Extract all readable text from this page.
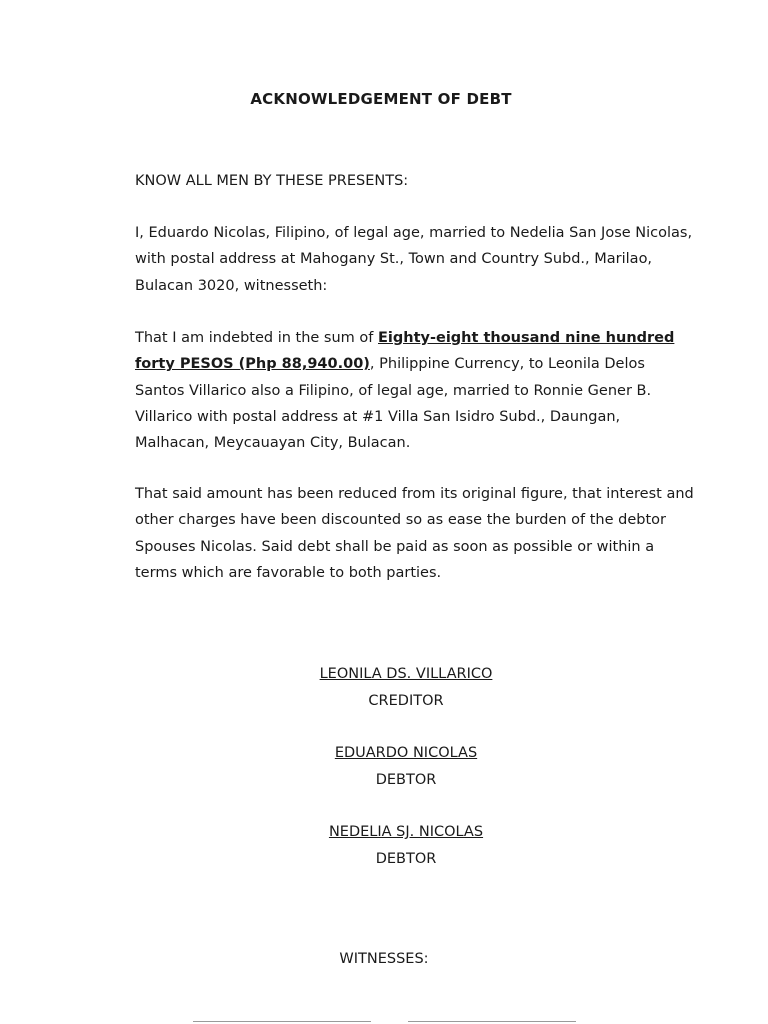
ACKNOWLEDGEMENT OF DEBT

KNOW ALL MEN BY THESE PRESENTS:

I, Eduardo Nicolas, Filipino, of legal age, married to Nedelia San Jose Nicolas, with postal address at Mahogany St., Town and Country Subd., Marilao, Bulacan 3020, witnesseth:

That I am indebted in the sum of Eighty-eight thousand nine hundred forty PESOS (Php 88,940.00), Philippine Currency, to Leonila Delos Santos Villarico also a Filipino, of legal age, married to Ronnie Gener B. Villarico with postal address at #1 Villa San Isidro Subd., Daungan, Malhacan, Meycauayan City, Bulacan.

That said amount has been reduced from its original figure, that interest and other charges have been discounted so as ease the burden of the debtor Spouses Nicolas. Said debt shall be paid as soon as possible or within a terms which are favorable to both parties.

LEONILA DS. VILLARICO
CREDITOR
EDUARDO NICOLAS
DEBTOR
NEDELIA SJ. NICOLAS
DEBTOR
WITNESSES:
